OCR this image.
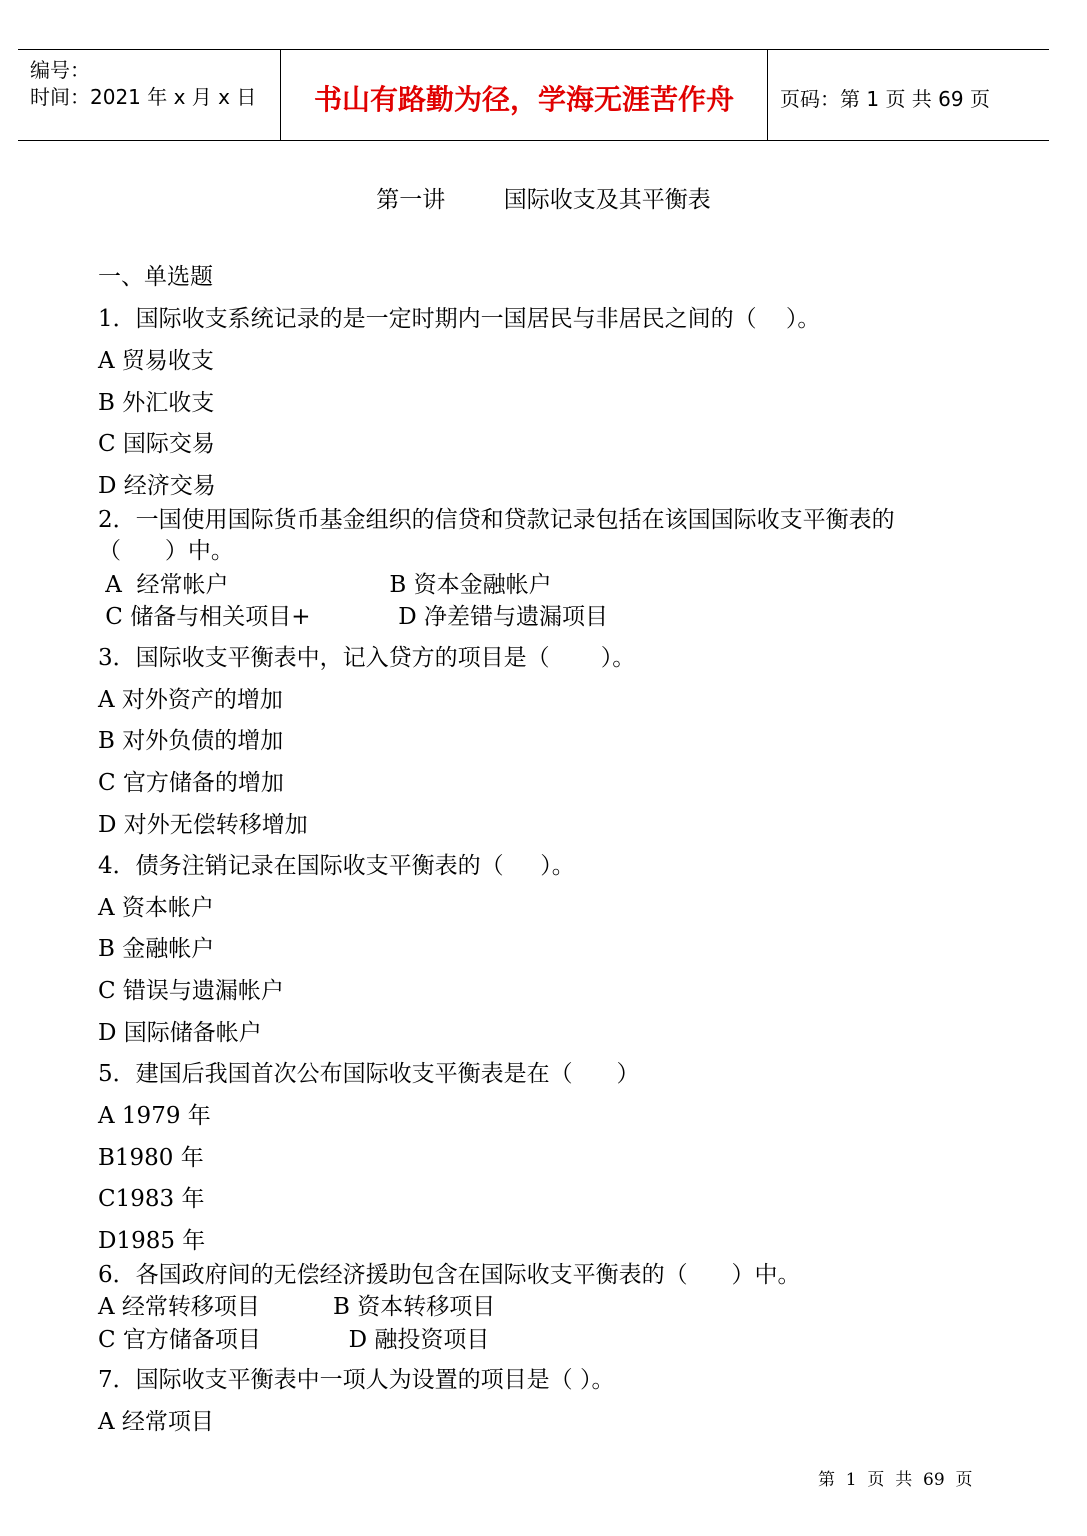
编号：
时间：2021 年 x 月 x 日	书山有路勤为径，学海无涯苦作舟	页码：第 1 页 共 69 页
第一讲        国际收支及其平衡表
一、单选题
1．国际收支系统记录的是一定时期内一国居民与非居民之间的（    ）。
A 贸易收支
B 外汇收支
C 国际交易
D 经济交易
2．一国使用国际货币基金组织的信贷和贷款记录包括在该国国际收支平衡表的
（      ）中。
A  经常帐户                      B 资本金融帐户
C 储备与相关项目+            D 净差错与遗漏项目
3．国际收支平衡表中，记入贷方的项目是（       ）。
A 对外资产的增加
B 对外负债的增加
C 官方储备的增加
D 对外无偿转移增加
4．债务注销记录在国际收支平衡表的（     ）。
A 资本帐户
B 金融帐户
C 错误与遗漏帐户
D 国际储备帐户
5．建国后我国首次公布国际收支平衡表是在（      ）
A 1979 年
B1980 年
C1983 年
D1985 年
6．各国政府间的无偿经济援助包含在国际收支平衡表的（      ）中。
A 经常转移项目          B 资本转移项目
C 官方储备项目            D 融投资项目
7．国际收支平衡表中一项人为设置的项目是（ ）。
A 经常项目
第  1  页  共  69  页
